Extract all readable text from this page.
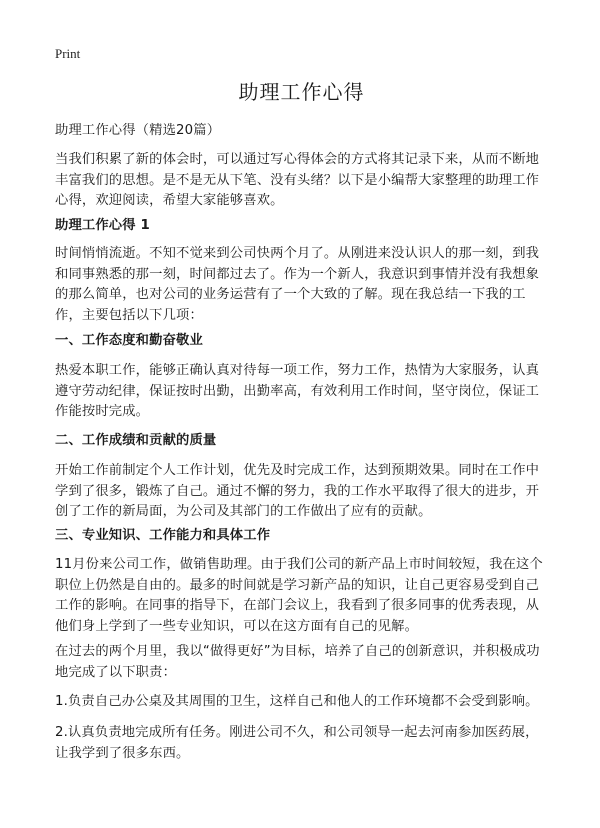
Print
助理工作心得

助理工作心得（精选20篇）

当我们积累了新的体会时，可以通过写心得体会的方式将其记录下来，从而不断地丰富我们的思想。是不是无从下笔、没有头绪？以下是小编帮大家整理的助理工作心得，欢迎阅读，希望大家能够喜欢。

助理工作心得 1

时间悄悄流逝。不知不觉来到公司快两个月了。从刚进来没认识人的那一刻，到我和同事熟悉的那一刻，时间都过去了。作为一个新人，我意识到事情并没有我想象的那么简单，也对公司的业务运营有了一个大致的了解。现在我总结一下我的工作，主要包括以下几项：

一、工作态度和勤奋敬业

热爱本职工作，能够正确认真对待每一项工作，努力工作，热情为大家服务，认真遵守劳动纪律，保证按时出勤，出勤率高，有效利用工作时间，坚守岗位，保证工作能按时完成。

二、工作成绩和贡献的质量

开始工作前制定个人工作计划，优先及时完成工作，达到预期效果。同时在工作中学到了很多，锻炼了自己。通过不懈的努力，我的工作水平取得了很大的进步，开创了工作的新局面，为公司及其部门的工作做出了应有的贡献。

三、专业知识、工作能力和具体工作

11月份来公司工作，做销售助理。由于我们公司的新产品上市时间较短，我在这个职位上仍然是自由的。最多的时间就是学习新产品的知识，让自己更容易受到自己工作的影响。在同事的指导下，在部门会议上，我看到了很多同事的优秀表现，从他们身上学到了一些专业知识，可以在这方面有自己的见解。

在过去的两个月里，我以“做得更好”为目标，培养了自己的创新意识，并积极成功地完成了以下职责：

1.负责自己办公桌及其周围的卫生，这样自己和他人的工作环境都不会受到影响。

2.认真负责地完成所有任务。刚进公司不久，和公司领导一起去河南参加医药展，让我学到了很多东西。
